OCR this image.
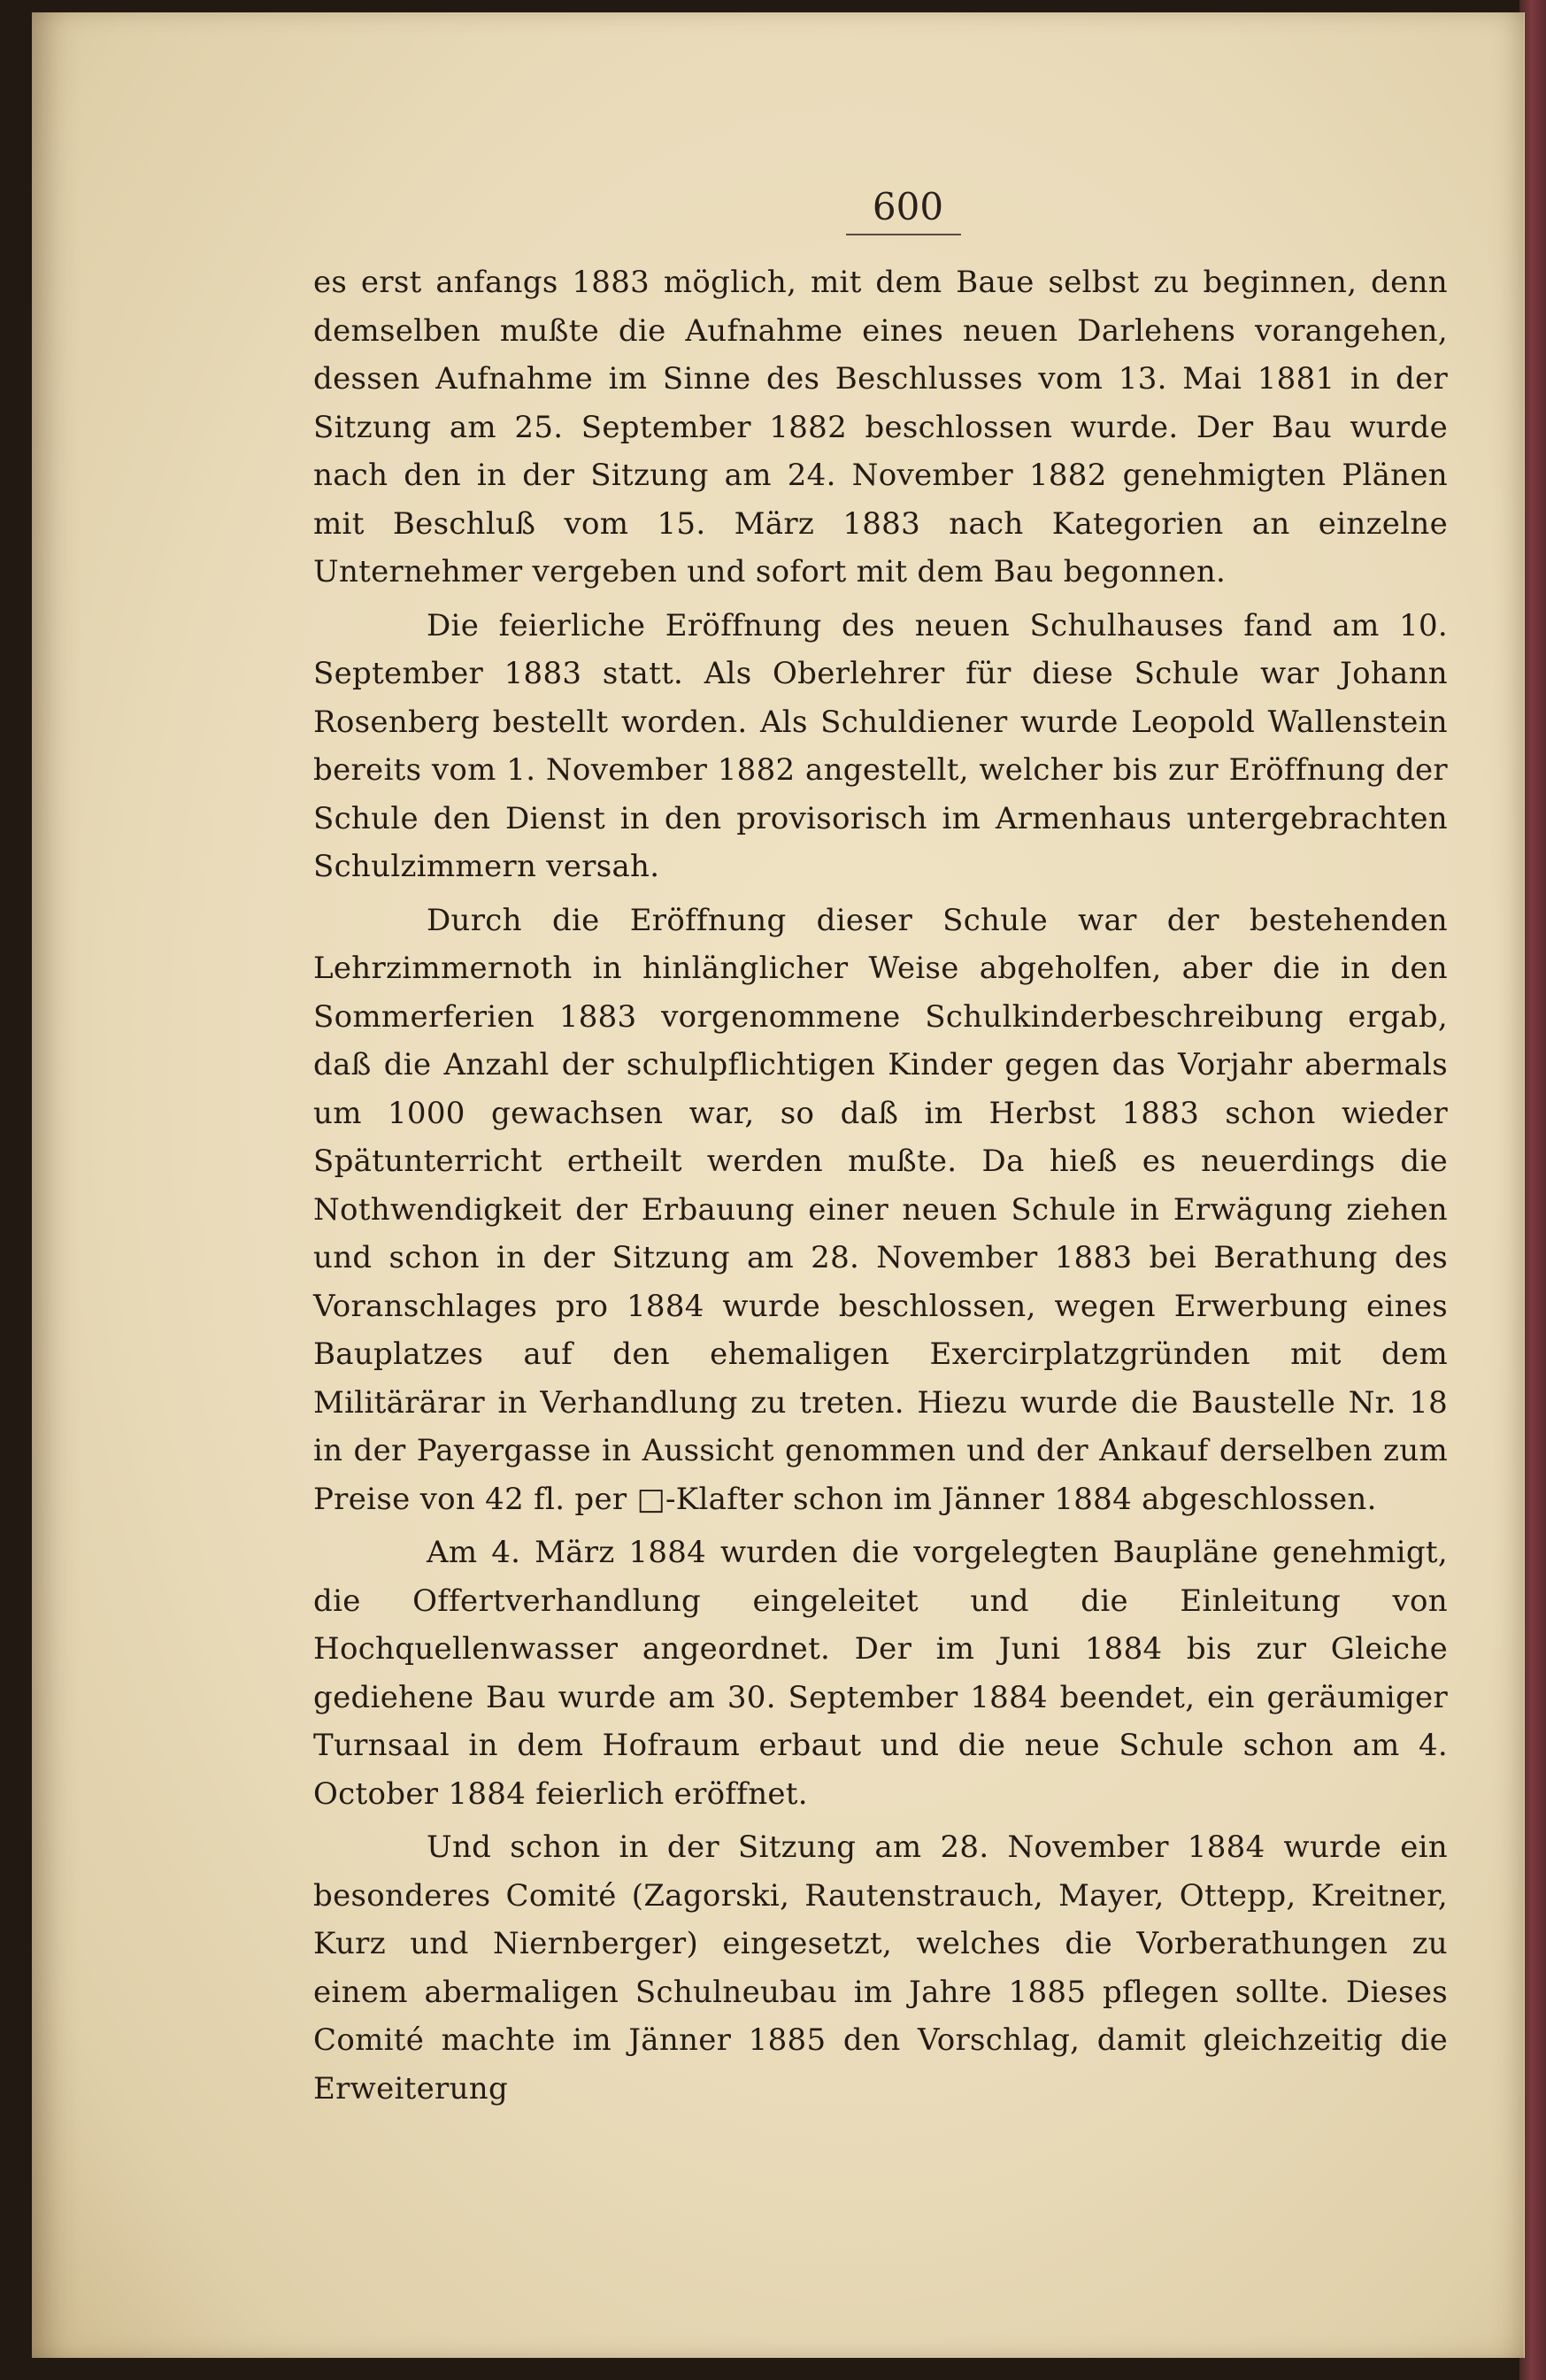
600

es erst anfangs 1883 möglich, mit dem Baue selbst zu beginnen, denn demselben mußte die Aufnahme eines neuen Darlehens vorangehen, dessen Aufnahme im Sinne des Beschlusses vom 13. Mai 1881 in der Sitzung am 25. September 1882 beschlossen wurde. Der Bau wurde nach den in der Sitzung am 24. November 1882 genehmigten Plänen mit Beschluß vom 15. März 1883 nach Kategorien an einzelne Unternehmer vergeben und sofort mit dem Bau begonnen.

Die feierliche Eröffnung des neuen Schulhauses fand am 10. September 1883 statt. Als Oberlehrer für diese Schule war Johann Rosenberg bestellt worden. Als Schuldiener wurde Leopold Wallenstein bereits vom 1. November 1882 angestellt, welcher bis zur Eröffnung der Schule den Dienst in den provisorisch im Armenhaus untergebrachten Schulzimmern versah.

Durch die Eröffnung dieser Schule war der bestehenden Lehrzimmernoth in hinlänglicher Weise abgeholfen, aber die in den Sommerferien 1883 vorgenommene Schulkinderbeschreibung ergab, daß die Anzahl der schulpflichtigen Kinder gegen das Vorjahr abermals um 1000 gewachsen war, so daß im Herbst 1883 schon wieder Spätunterricht ertheilt werden mußte. Da hieß es neuerdings die Nothwendigkeit der Erbauung einer neuen Schule in Erwägung ziehen und schon in der Sitzung am 28. November 1883 bei Berathung des Voranschlages pro 1884 wurde beschlossen, wegen Erwerbung eines Bauplatzes auf den ehemaligen Exercirplatzgründen mit dem Militärärar in Verhandlung zu treten. Hiezu wurde die Baustelle Nr. 18 in der Payergasse in Aussicht genommen und der Ankauf derselben zum Preise von 42 fl. per □-Klafter schon im Jänner 1884 abgeschlossen.

Am 4. März 1884 wurden die vorgelegten Baupläne genehmigt, die Offertverhandlung eingeleitet und die Einleitung von Hochquellenwasser angeordnet. Der im Juni 1884 bis zur Gleiche gediehene Bau wurde am 30. September 1884 beendet, ein geräumiger Turnsaal in dem Hofraum erbaut und die neue Schule schon am 4. October 1884 feierlich eröffnet.

Und schon in der Sitzung am 28. November 1884 wurde ein besonderes Comité (Zagorski, Rautenstrauch, Mayer, Ottepp, Kreitner, Kurz und Niernberger) eingesetzt, welches die Vorberathungen zu einem abermaligen Schulneubau im Jahre 1885 pflegen sollte. Dieses Comité machte im Jänner 1885 den Vorschlag, damit gleichzeitig die Erweiterung
